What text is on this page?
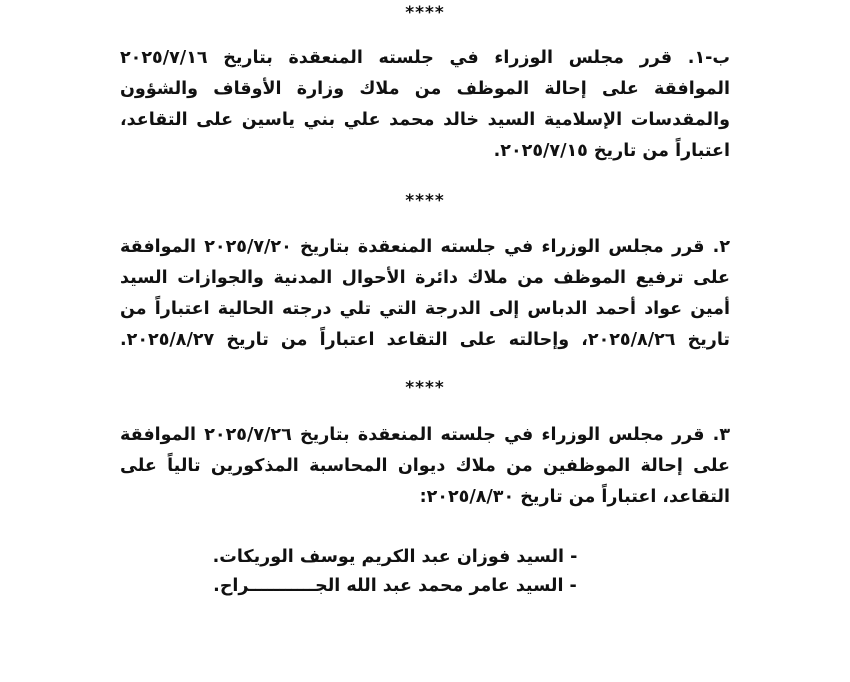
****

ب-١. قرر مجلس الوزراء في جلسته المنعقدة بتاريخ ٢٠٢٥/٧/١٦ الموافقة على إحالة الموظف من ملاك وزارة الأوقاف والشؤون والمقدسات الإسلامية السيد خالد محمد علي بني ياسين على التقاعد، اعتباراً من تاريخ ٢٠٢٥/٧/١٥.

****

٢. قرر مجلس الوزراء في جلسته المنعقدة بتاريخ ٢٠٢٥/٧/٢٠ الموافقة على ترفيع الموظف من ملاك دائرة الأحوال المدنية والجوازات السيد أمين عواد أحمد الدباس إلى الدرجة التي تلي درجته الحالية اعتباراً من تاريخ ٢٠٢٥/٨/٢٦، وإحالته على التقاعد اعتباراً من تاريخ ٢٠٢٥/٨/٢٧.

****

٣. قرر مجلس الوزراء في جلسته المنعقدة بتاريخ ٢٠٢٥/٧/٢٦ الموافقة على إحالة الموظفين من ملاك ديوان المحاسبة المذكورين تالياً على التقاعد، اعتباراً من تاريخ ٢٠٢٥/٨/٣٠:

- السيد فوزان عبد الكريم يوسف الوريكات.
- السيد عامر محمد عبد الله الجـــــــــــراح.
